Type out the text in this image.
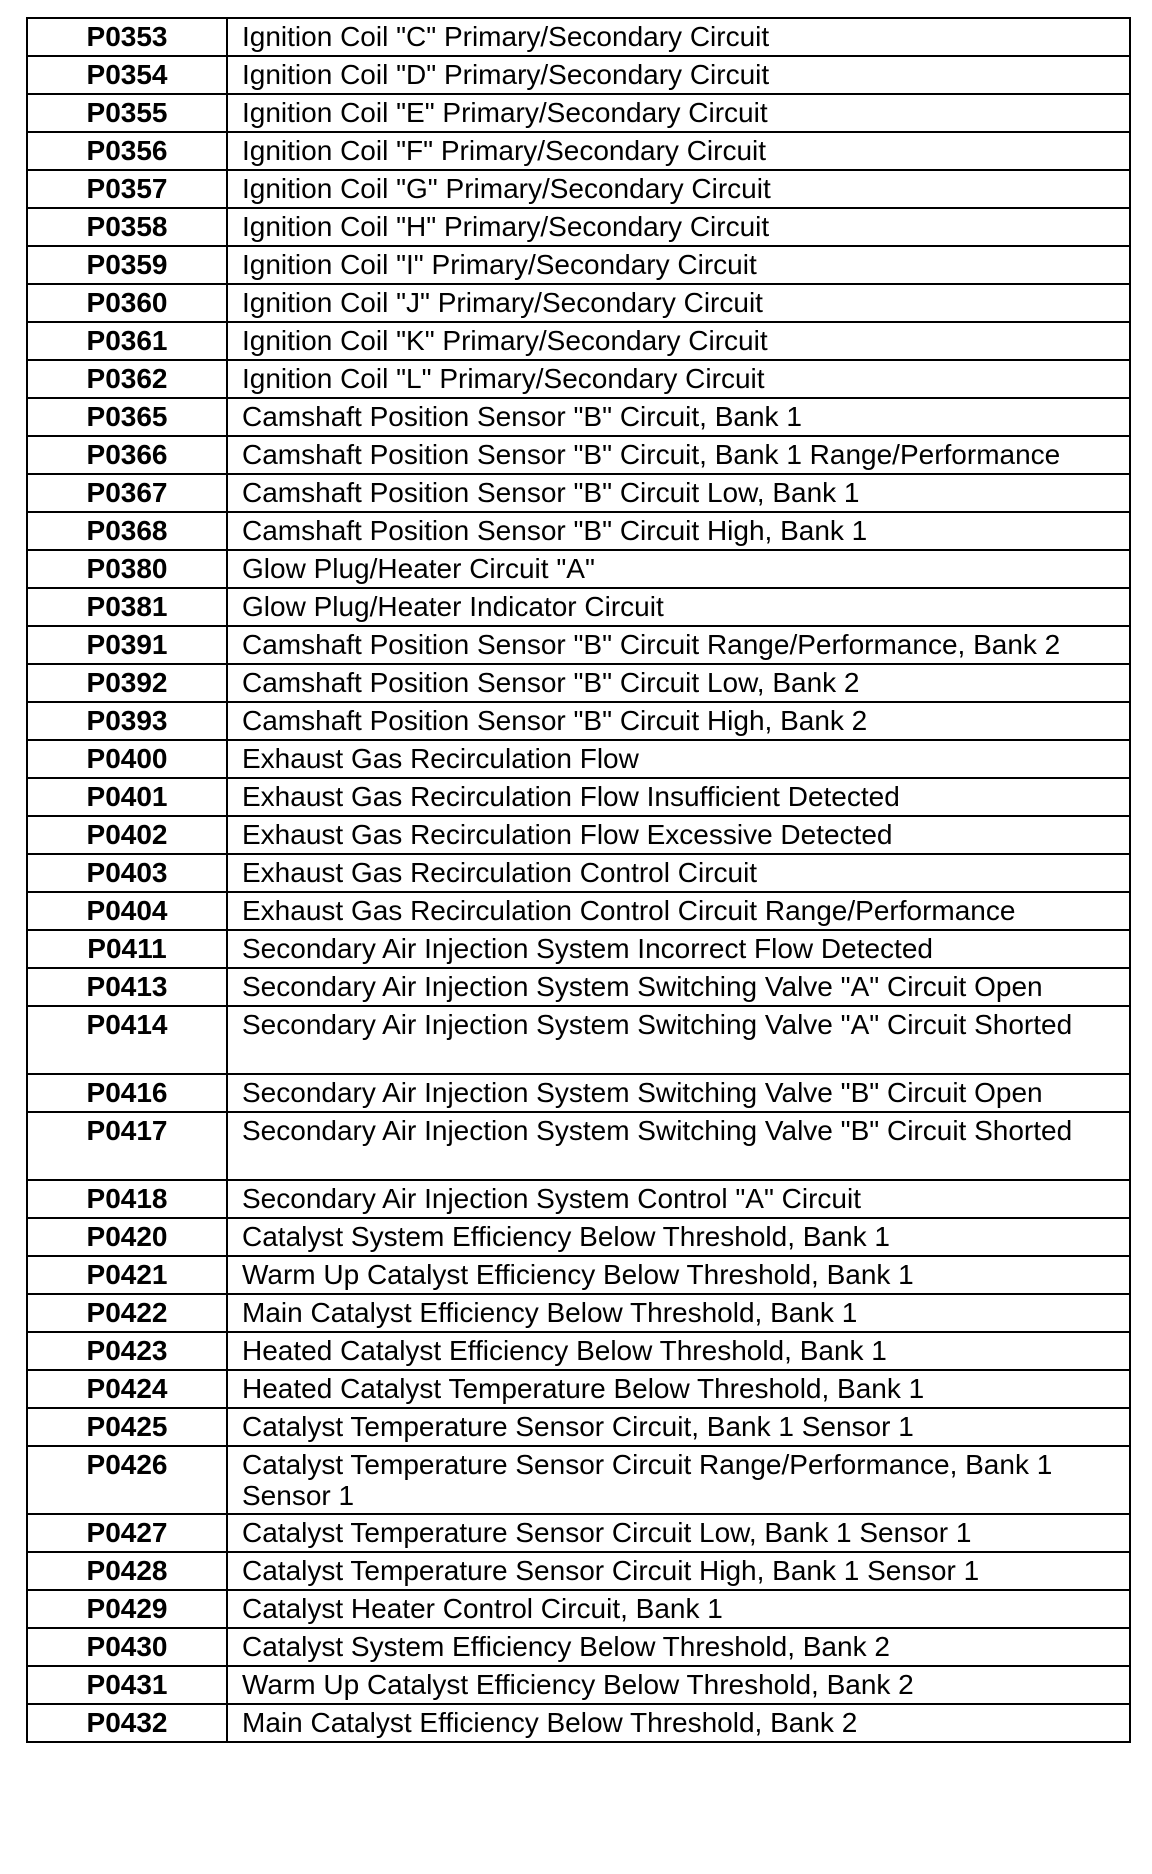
P0353	Ignition Coil "C" Primary/Secondary Circuit
P0354	Ignition Coil "D" Primary/Secondary Circuit
P0355	Ignition Coil "E" Primary/Secondary Circuit
P0356	Ignition Coil "F" Primary/Secondary Circuit
P0357	Ignition Coil "G" Primary/Secondary Circuit
P0358	Ignition Coil "H" Primary/Secondary Circuit
P0359	Ignition Coil "I" Primary/Secondary Circuit
P0360	Ignition Coil "J" Primary/Secondary Circuit
P0361	Ignition Coil "K" Primary/Secondary Circuit
P0362	Ignition Coil "L" Primary/Secondary Circuit
P0365	Camshaft Position Sensor "B" Circuit, Bank 1
P0366	Camshaft Position Sensor "B" Circuit, Bank 1 Range/Performance
P0367	Camshaft Position Sensor "B" Circuit Low, Bank 1
P0368	Camshaft Position Sensor "B" Circuit High, Bank 1
P0380	Glow Plug/Heater Circuit "A"
P0381	Glow Plug/Heater Indicator Circuit
P0391	Camshaft Position Sensor "B" Circuit Range/Performance, Bank 2
P0392	Camshaft Position Sensor "B" Circuit Low, Bank 2
P0393	Camshaft Position Sensor "B" Circuit High, Bank 2
P0400	Exhaust Gas Recirculation Flow
P0401	Exhaust Gas Recirculation Flow Insufficient Detected
P0402	Exhaust Gas Recirculation Flow Excessive Detected
P0403	Exhaust Gas Recirculation Control Circuit
P0404	Exhaust Gas Recirculation Control Circuit Range/Performance
P0411	Secondary Air Injection System Incorrect Flow Detected
P0413	Secondary Air Injection System Switching Valve "A" Circuit Open
P0414	Secondary Air Injection System Switching Valve "A" Circuit Shorted
P0416	Secondary Air Injection System Switching Valve "B" Circuit Open
P0417	Secondary Air Injection System Switching Valve "B" Circuit Shorted
P0418	Secondary Air Injection System Control "A" Circuit
P0420	Catalyst System Efficiency Below Threshold, Bank 1
P0421	Warm Up Catalyst Efficiency Below Threshold, Bank 1
P0422	Main Catalyst Efficiency Below Threshold, Bank 1
P0423	Heated Catalyst Efficiency Below Threshold, Bank 1
P0424	Heated Catalyst Temperature Below Threshold, Bank 1
P0425	Catalyst Temperature Sensor Circuit, Bank 1 Sensor 1
P0426	Catalyst Temperature Sensor Circuit Range/Performance, Bank 1 Sensor 1
P0427	Catalyst Temperature Sensor Circuit Low, Bank 1 Sensor 1
P0428	Catalyst Temperature Sensor Circuit High, Bank 1 Sensor 1
P0429	Catalyst Heater Control Circuit, Bank 1
P0430	Catalyst System Efficiency Below Threshold, Bank 2
P0431	Warm Up Catalyst Efficiency Below Threshold, Bank 2
P0432	Main Catalyst Efficiency Below Threshold, Bank 2
